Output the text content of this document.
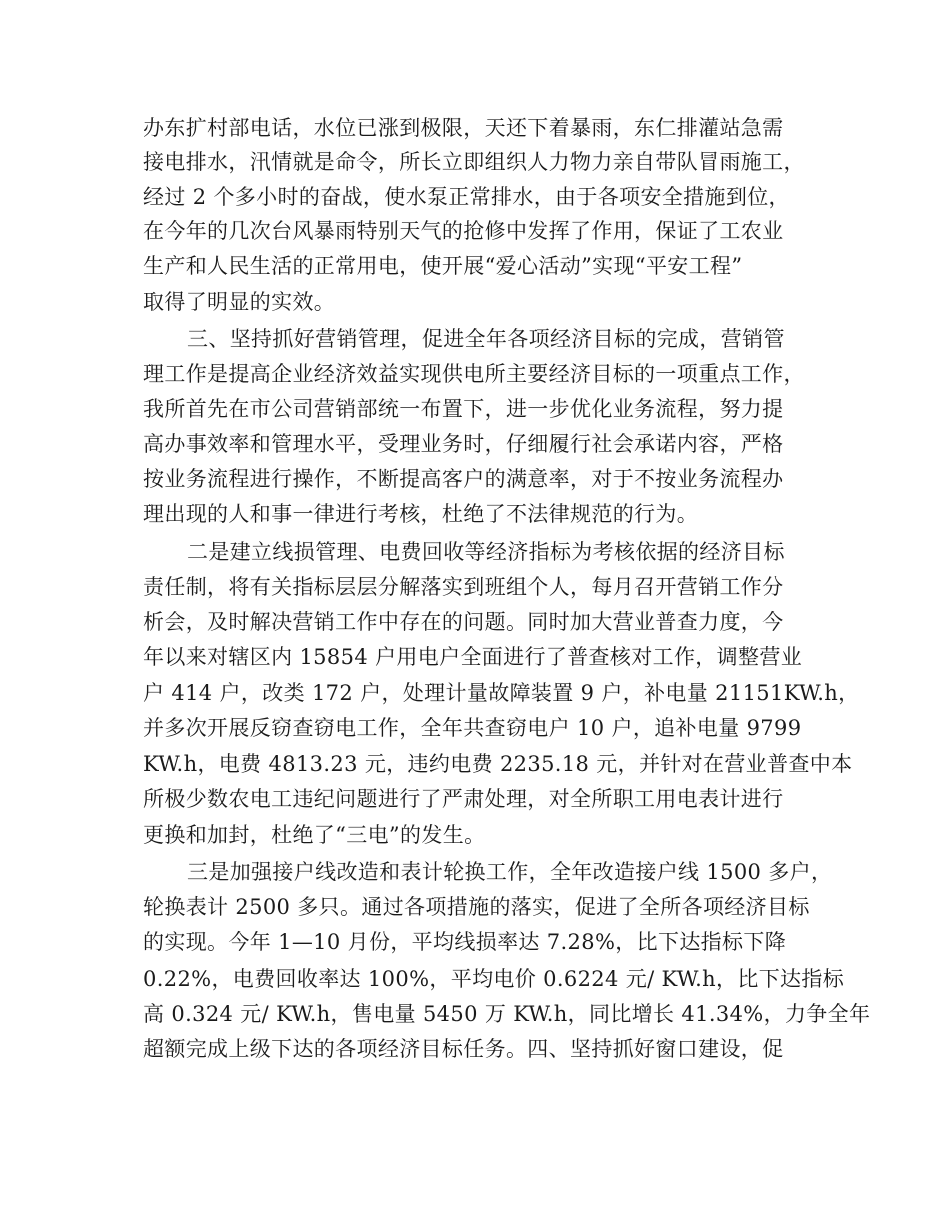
办东扩村部电话，水位已涨到极限，天还下着暴雨，东仁排灌站急需
接电排水，汛情就是命令，所长立即组织人力物力亲自带队冒雨施工，
经过 2 个多小时的奋战，使水泵正常排水，由于各项安全措施到位，
在今年的几次台风暴雨特别天气的抢修中发挥了作用，保证了工农业
生产和人民生活的正常用电，使开展“爱心活动”实现“平安工程”
取得了明显的实效。
三、坚持抓好营销管理，促进全年各项经济目标的完成，营销管
理工作是提高企业经济效益实现供电所主要经济目标的一项重点工作，
我所首先在市公司营销部统一布置下，进一步优化业务流程，努力提
高办事效率和管理水平，受理业务时，仔细履行社会承诺内容，严格
按业务流程进行操作，不断提高客户的满意率，对于不按业务流程办
理出现的人和事一律进行考核，杜绝了不法律规范的行为。
二是建立线损管理、电费回收等经济指标为考核依据的经济目标
责任制，将有关指标层层分解落实到班组个人，每月召开营销工作分
析会，及时解决营销工作中存在的问题。同时加大营业普查力度，今
年以来对辖区内 15854 户用电户全面进行了普查核对工作，调整营业
户 414 户，改类 172 户，处理计量故障装置 9 户，补电量 21151KW.h，
并多次开展反窃查窃电工作，全年共查窃电户 10 户，追补电量 9799
KW.h，电费 4813.23 元，违约电费 2235.18 元，并针对在营业普查中本
所极少数农电工违纪问题进行了严肃处理，对全所职工用电表计进行
更换和加封，杜绝了“三电”的发生。
三是加强接户线改造和表计轮换工作，全年改造接户线 1500 多户，
轮换表计 2500 多只。通过各项措施的落实，促进了全所各项经济目标
的实现。今年 1—10 月份，平均线损率达 7.28%，比下达指标下降
0.22%，电费回收率达 100%，平均电价 0.6224 元/ KW.h，比下达指标
高 0.324 元/ KW.h，售电量 5450 万 KW.h，同比增长 41.34%，力争全年
超额完成上级下达的各项经济目标任务。四、坚持抓好窗口建设，促
